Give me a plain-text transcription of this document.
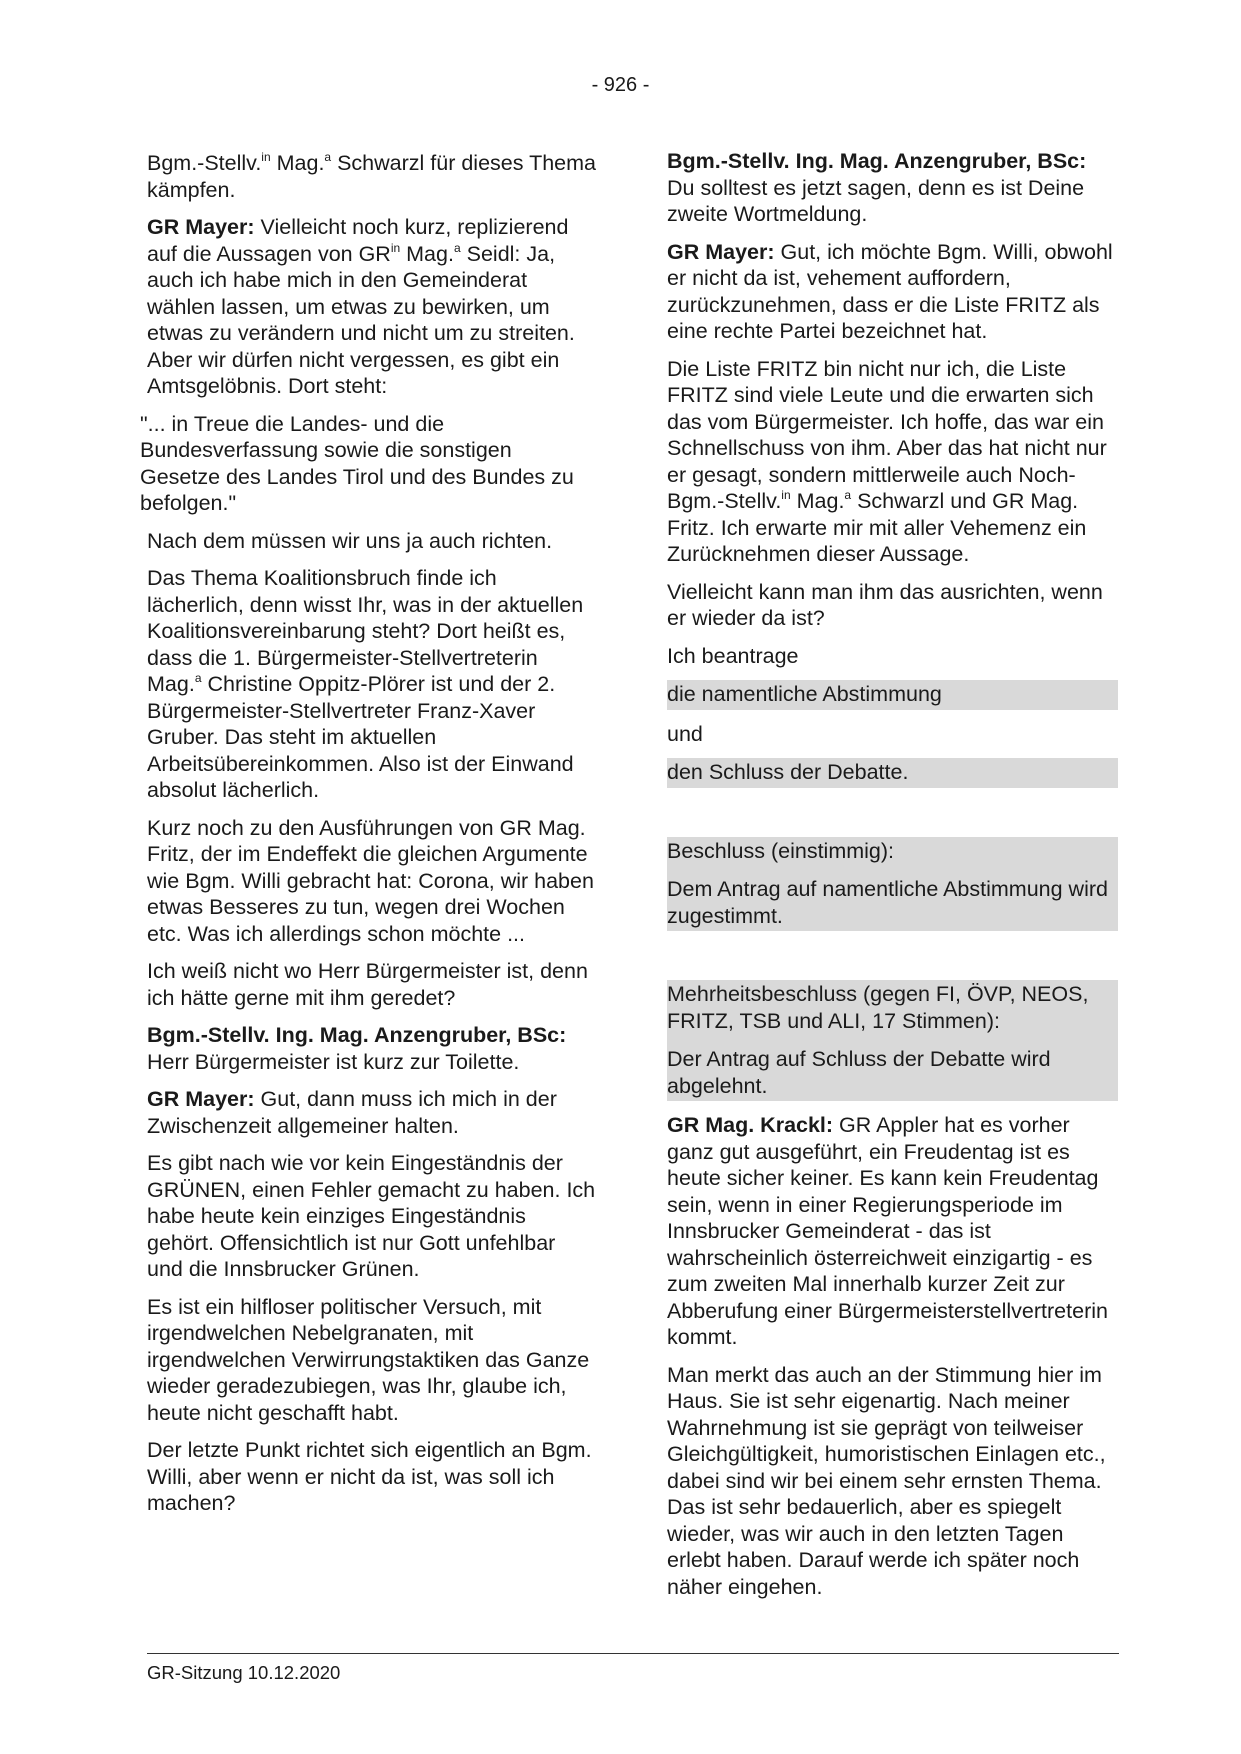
- 926 -

Bgm.-Stellv.$^{in}$ Mag.$^a$ Schwarzl für dieses Thema kämpfen.

GR Mayer: Vielleicht noch kurz, replizierend auf die Aussagen von $GR^{in}$ Mag.$^a$ Seidl: Ja, auch ich habe mich in den Gemeinderat wählen lassen, um etwas zu bewirken, um etwas zu verändern und nicht um zu streiten. Aber wir dürfen nicht vergessen, es gibt ein Amtsgelöbnis. Dort steht:

"... in Treue die Landes- und die Bundesverfassung sowie die sonstigen Gesetze des Landes Tirol und des Bundes zu befolgen."

Nach dem müssen wir uns ja auch richten.

Das Thema Koalitionsbruch finde ich lächerlich, denn wisst Ihr, was in der aktuellen Koalitionsvereinbarung steht? Dort heißt es, dass die 1. Bürgermeister-Stellvertreterin Mag.$^a$ Christine Oppitz-Plörer ist und der 2. Bürgermeister-Stellvertreter Franz-Xaver Gruber. Das steht im aktuellen Arbeitsübereinkommen. Also ist der Einwand absolut lächerlich.

Kurz noch zu den Ausführungen von GR Mag. Fritz, der im Endeffekt die gleichen Argumente wie Bgm. Willi gebracht hat: Corona, wir haben etwas Besseres zu tun, wegen drei Wochen etc. Was ich allerdings schon möchte ...

Ich weiß nicht wo Herr Bürgermeister ist, denn ich hätte gerne mit ihm geredet?

Bgm.-Stellv. Ing. Mag. Anzengruber, BSc: Herr Bürgermeister ist kurz zur Toilette.

GR Mayer: Gut, dann muss ich mich in der Zwischenzeit allgemeiner halten.

Es gibt nach wie vor kein Eingeständnis der GRÜNEN, einen Fehler gemacht zu haben. Ich habe heute kein einziges Eingeständnis gehört. Offensichtlich ist nur Gott unfehlbar und die Innsbrucker Grünen.

Es ist ein hilfloser politischer Versuch, mit irgendwelchen Nebelgranaten, mit irgendwelchen Verwirrungstaktiken das Ganze wieder geradezubiegen, was Ihr, glaube ich, heute nicht geschafft habt.

Der letzte Punkt richtet sich eigentlich an Bgm. Willi, aber wenn er nicht da ist, was soll ich machen?

Bgm.-Stellv. Ing. Mag. Anzengruber, BSc: Du solltest es jetzt sagen, denn es ist Deine zweite Wortmeldung.

GR Mayer: Gut, ich möchte Bgm. Willi, obwohl er nicht da ist, vehement auffordern, zurückzunehmen, dass er die Liste FRITZ als eine rechte Partei bezeichnet hat.

Die Liste FRITZ bin nicht nur ich, die Liste FRITZ sind viele Leute und die erwarten sich das vom Bürgermeister. Ich hoffe, das war ein Schnellschuss von ihm. Aber das hat nicht nur er gesagt, sondern mittlerweile auch Noch-Bgm.-Stellv.$^{in}$ Mag.$^a$ Schwarzl und GR Mag. Fritz. Ich erwarte mir mit aller Vehemenz ein Zurücknehmen dieser Aussage.

Vielleicht kann man ihm das ausrichten, wenn er wieder da ist?

Ich beantrage

die namentliche Abstimmung

und

den Schluss der Debatte.

Beschluss (einstimmig):

Dem Antrag auf namentliche Abstimmung wird zugestimmt.

Mehrheitsbeschluss (gegen FI, ÖVP, NEOS, FRITZ, TSB und ALI, 17 Stimmen):

Der Antrag auf Schluss der Debatte wird abgelehnt.

GR Mag. Krackl: GR Appler hat es vorher ganz gut ausgeführt, ein Freudentag ist es heute sicher keiner. Es kann kein Freudentag sein, wenn in einer Regierungsperiode im Innsbrucker Gemeinderat - das ist wahrscheinlich österreichweit einzigartig - es zum zweiten Mal innerhalb kurzer Zeit zur Abberufung einer Bürgermeisterstellvertreterin kommt.

Man merkt das auch an der Stimmung hier im Haus. Sie ist sehr eigenartig. Nach meiner Wahrnehmung ist sie geprägt von teilweiser Gleichgültigkeit, humoristischen Einlagen etc., dabei sind wir bei einem sehr ernsten Thema. Das ist sehr bedauerlich, aber es spiegelt wieder, was wir auch in den letzten Tagen erlebt haben. Darauf werde ich später noch näher eingehen.

GR-Sitzung 10.12.2020
